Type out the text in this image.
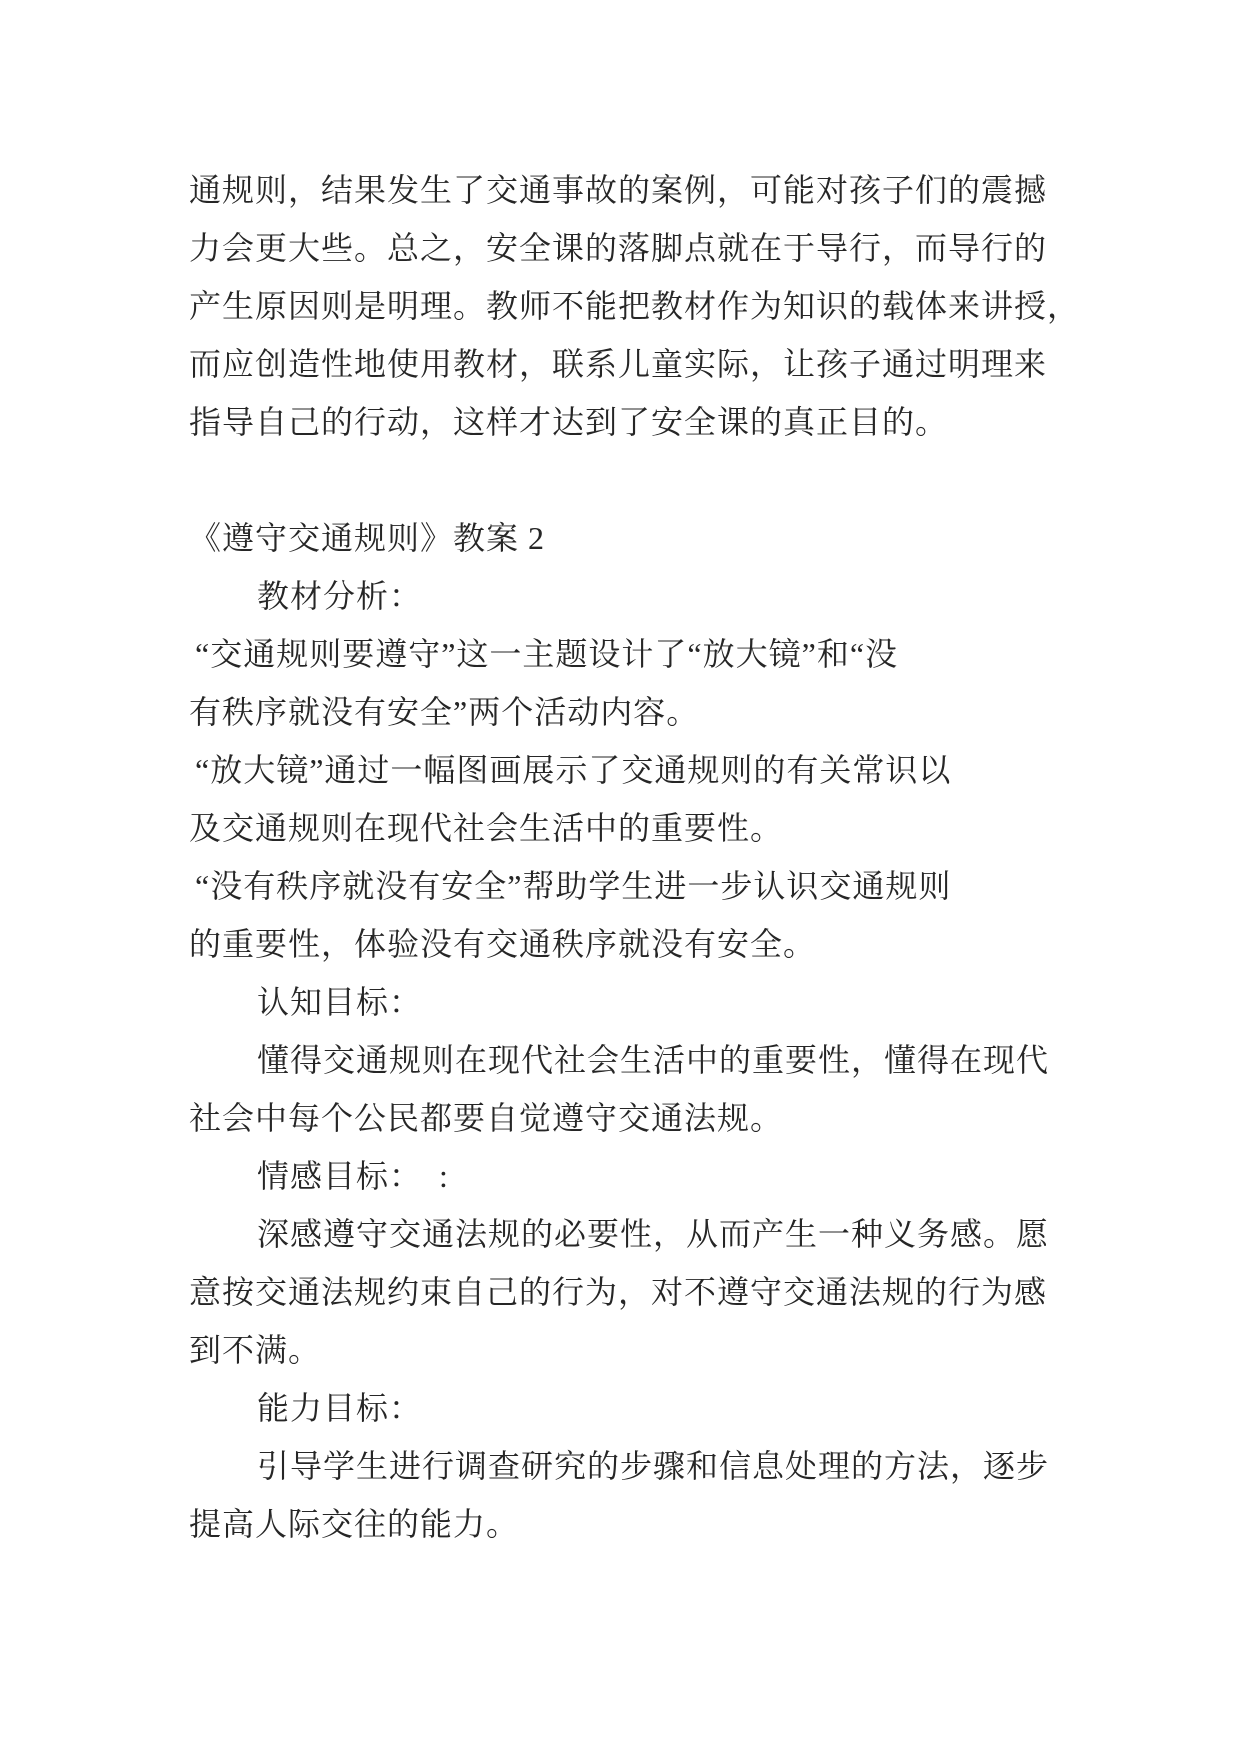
通规则，结果发生了交通事故的案例，可能对孩子们的震撼
力会更大些。总之，安全课的落脚点就在于导行，而导行的
产生原因则是明理。教师不能把教材作为知识的载体来讲授，
而应创造性地使用教材，联系儿童实际，让孩子通过明理来
指导自己的行动，这样才达到了安全课的真正目的。
《遵守交通规则》教案 2
教材分析：
“交通规则要遵守”这一主题设计了“放大镜”和“没
有秩序就没有安全”两个活动内容。
“放大镜”通过一幅图画展示了交通规则的有关常识以
及交通规则在现代社会生活中的重要性。
“没有秩序就没有安全”帮助学生进一步认识交通规则
的重要性，体验没有交通秩序就没有安全。
认知目标：
懂得交通规则在现代社会生活中的重要性，懂得在现代
社会中每个公民都要自觉遵守交通法规。
情感目标：　:
深感遵守交通法规的必要性，从而产生一种义务感。愿
意按交通法规约束自己的行为，对不遵守交通法规的行为感
到不满。
能力目标：
引导学生进行调查研究的步骤和信息处理的方法，逐步
提高人际交往的能力。
